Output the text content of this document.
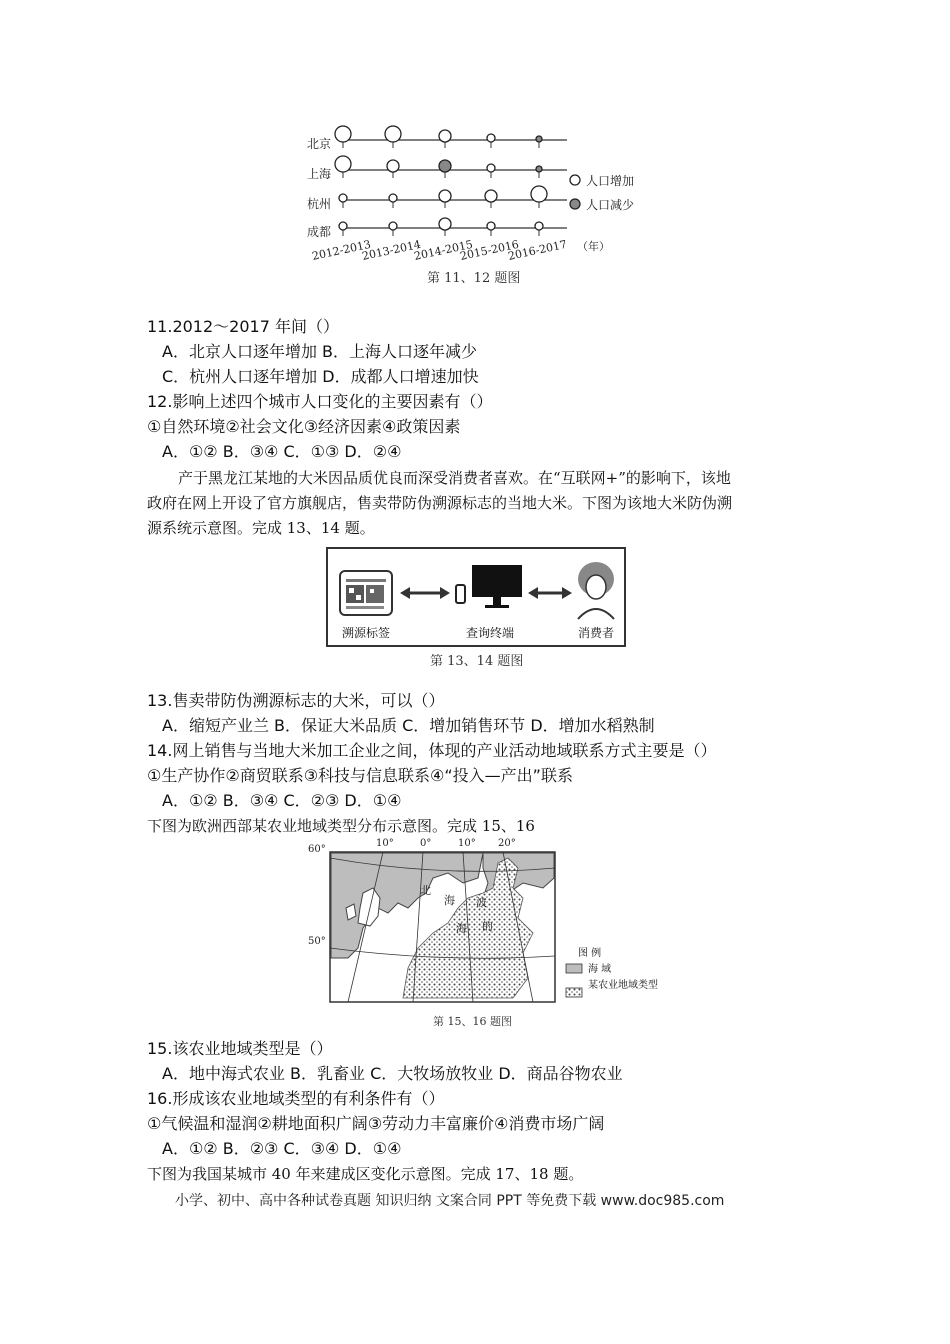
北京
上海
杭州
成都
2012-2013
2013-2014
2014-2015
2015-2016
2016-2017 （年）
人口增加
人口减少
第 11、12 题图
11.2012～2017 年间（）
A．北京人口逐年增加 B．上海人口逐年减少
C．杭州人口逐年增加 D．成都人口增速加快
12.影响上述四个城市人口变化的主要因素有（）
①自然环境②社会文化③经济因素④政策因素
A．①② B．③④ C．①③ D．②④
产于黑龙江某地的大米因品质优良而深受消费者喜欢。在“互联网+”的影响下，该地
政府在网上开设了官方旗舰店，售卖带防伪溯源标志的当地大米。下图为该地大米防伪溯
源系统示意图。完成 13、14 题。
溯源标签	查询终端	消费者
第 13、14 题图
13.售卖带防伪溯源标志的大米，可以（）
A．缩短产业兰 B．保证大米品质 C．增加销售环节 D．增加水稻熟制
14.网上销售与当地大米加工企业之间，体现的产业活动地域联系方式主要是（）
①生产协作②商贸联系③科技与信息联系④“投入—产出”联系
A．①② B．③④ C．②③ D．①④
下图为欧洲西部某农业地域类型分布示意图。完成 15、16
图 例
海 域
某农业地域类型
10°	0°	10° 20°
60°
50°
北
海 波
的
海
第 15、16 题图
15.该农业地域类型是（）
A．地中海式农业 B．乳畜业 C．大牧场放牧业 D．商品谷物农业
16.形成该农业地域类型的有利条件有（）
①气候温和湿润②耕地面积广阔③劳动力丰富廉价④消费市场广阔
A．①② B．②③ C．③④ D．①④
下图为我国某城市 40 年来建成区变化示意图。完成 17、18 题。
小学、初中、高中各种试卷真题 知识归纳 文案合同 PPT 等免费下载 www.doc985.com
